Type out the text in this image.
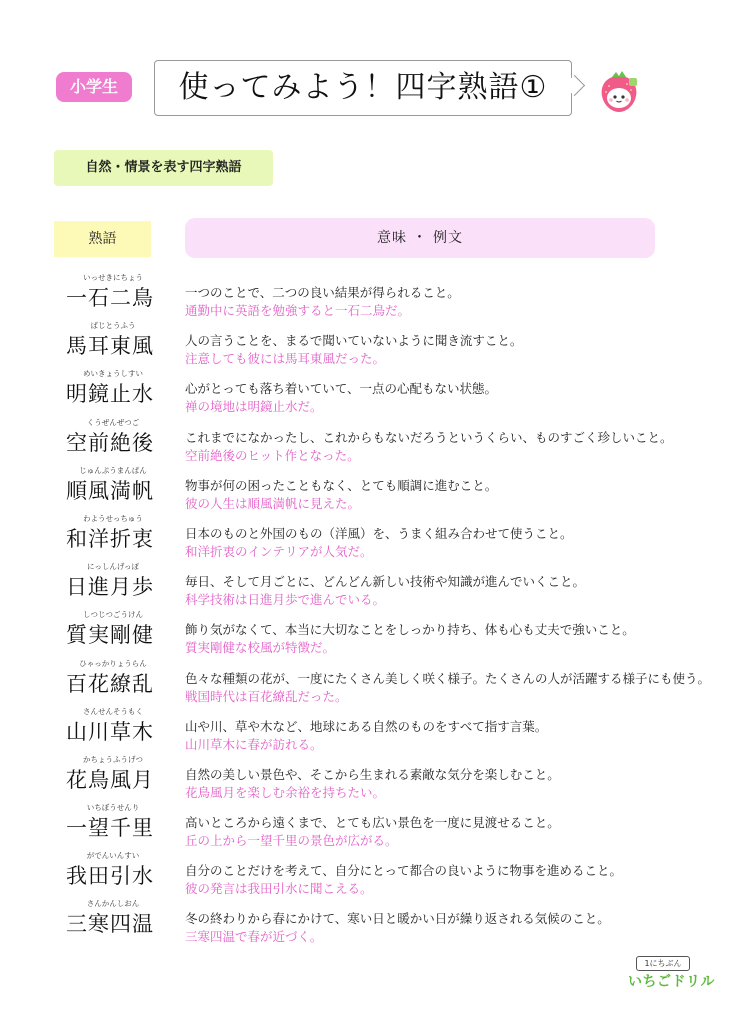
小学生	使ってみよう！四字熟語①
自然・情景を表す四字熟語
熟語	意味 ・ 例文
いっせきにちょう
一石二鳥 一つのことで、二つの良い結果が得られること。
通勤中に英語を勉強すると一石二鳥だ。
ばじとうふう
馬耳東風 人の言うことを、まるで聞いていないように聞き流すこと。
注意しても彼には馬耳東風だった。
めいきょうしすい
明鏡止水 心がとっても落ち着いていて、一点の心配もない状態。
禅の境地は明鏡止水だ。
くうぜんぜつご
空前絶後 これまでになかったし、これからもないだろうというくらい、ものすごく珍しいこと。
空前絶後のヒット作となった。
じゅんぷうまんぱん
順風満帆 物事が何の困ったこともなく、とても順調に進むこと。
彼の人生は順風満帆に見えた。
わようせっちゅう
和洋折衷 日本のものと外国のもの（洋風）を、うまく組み合わせて使うこと。
和洋折衷のインテリアが人気だ。
にっしんげっぽ
日進月歩 毎日、そして月ごとに、どんどん新しい技術や知識が進んでいくこと。
科学技術は日進月歩で進んでいる。
しつじつごうけん
質実剛健 飾り気がなくて、本当に大切なことをしっかり持ち、体も心も丈夫で強いこと。
質実剛健な校風が特徴だ。
ひゃっかりょうらん
百花繚乱 色々な種類の花が、一度にたくさん美しく咲く様子。たくさんの人が活躍する様子にも使う。
戦国時代は百花繚乱だった。
さんせんそうもく
山川草木 山や川、草や木など、地球にある自然のものをすべて指す言葉。
山川草木に春が訪れる。
かちょうふうげつ
花鳥風月 自然の美しい景色や、そこから生まれる素敵な気分を楽しむこと。
花鳥風月を楽しむ余裕を持ちたい。
いちぼうせんり
一望千里 高いところから遠くまで、とても広い景色を一度に見渡せること。
丘の上から一望千里の景色が広がる。
がでんいんすい
我田引水 自分のことだけを考えて、自分にとって都合の良いように物事を進めること。
彼の発言は我田引水に聞こえる。
さんかんしおん
三寒四温 冬の終わりから春にかけて、寒い日と暖かい日が繰り返される気候のこと。
三寒四温で春が近づく。
1にちぶん
いちごドリル
